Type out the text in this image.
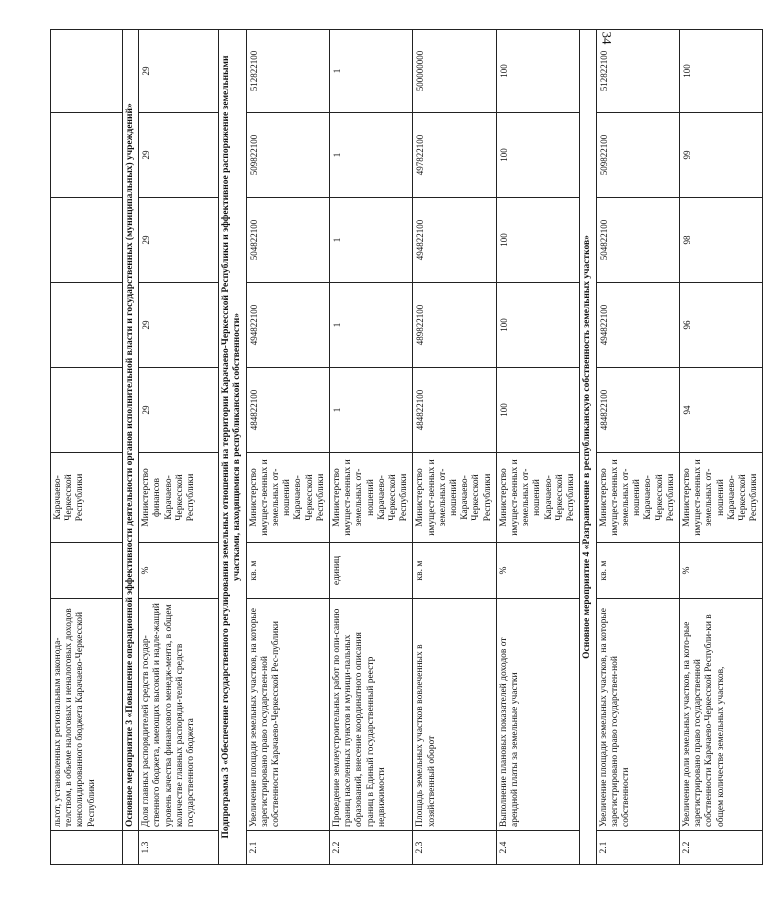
34
	льгот, установленных региональным законода-телством, в объеме налоговых и неналоговых доходов консолидированного бюджета Карачаево-Черкесской Республики		Карачаево-Черкесской Республики					
	Основное мероприятие 3 «Повышение операционной эффективности деятельности органов исполнительной власти и государственных (муниципальных) учреждений»							
1.3	Доля главных распорядителей средств государ-ственного бюджета, имеющих высокий и надле-жащий уровень качества финансового менедж-мента, в общем количестве главных распоряди-телей средств государственного бюджета	%	Министерство финансов Карачаево-Черкесской Республики	29	29	29	29	29
Подпрограмма 3 «Обеспечение государственного регулирования земельных отношений на территории Карачаево-Черкесской Республики и эффективное распоряжение земельными участками, находящимися в республиканской собственности»								
2.1	Увеличение площади земельных участков, на которые зарегистрировано право государствен-ной собственности Карачаево-Черкесской Рес-публики	кв. м	Министерство имущест-венных и земельных от-ношений Карачаево-Черкесской Республики	484822100	494822100	504822100	509822100	512822100
2.2	Проведение землеустроительных работ по опи-санию границ населенных пунктов и муници-пальных образований, внесение координатного описания границ в Единый государственный реестр недвижимости	единиц	Министерство имущест-венных и земельных от-ношений Карачаево-Черкесской Республики	1	1	1	1	1
2.3	Площадь земельных участков вовлеченных в хозяйственный оборот	кв. м	Министерство имущест-венных и земельных от-ношений Карачаево-Черкесской Республики	484822100	489822100	494822100	497822100	500000000
2.4	Выполнение плановых показателей доходов от арендной платы за земельные участки	%	Министерство имущест-венных и земельных от-ношений Карачаево-Черкесской Республики	100	100	100	100	100
Основное мероприятие 4 «Разграничение в республиканскую собственность земельных участков»								
2.1	Увеличение площади земельных участков, на которые зарегистрировано право государствен-ной собственности	кв. м	Министерство имущест-венных и земельных от-ношений Карачаево-Черкесской Республики	484822100	494822100	504822100	509822100	512822100
2.2	Увеличение доли земельных участков, на кото-рые зарегистрировано право государственной собственности Карачаево-Черкесской Республи-ки в общем количестве земельных участков,	%	Министерство имущест-венных и земельных от-ношений Карачаево-Черкесской Республики	94	96	98	99	100
